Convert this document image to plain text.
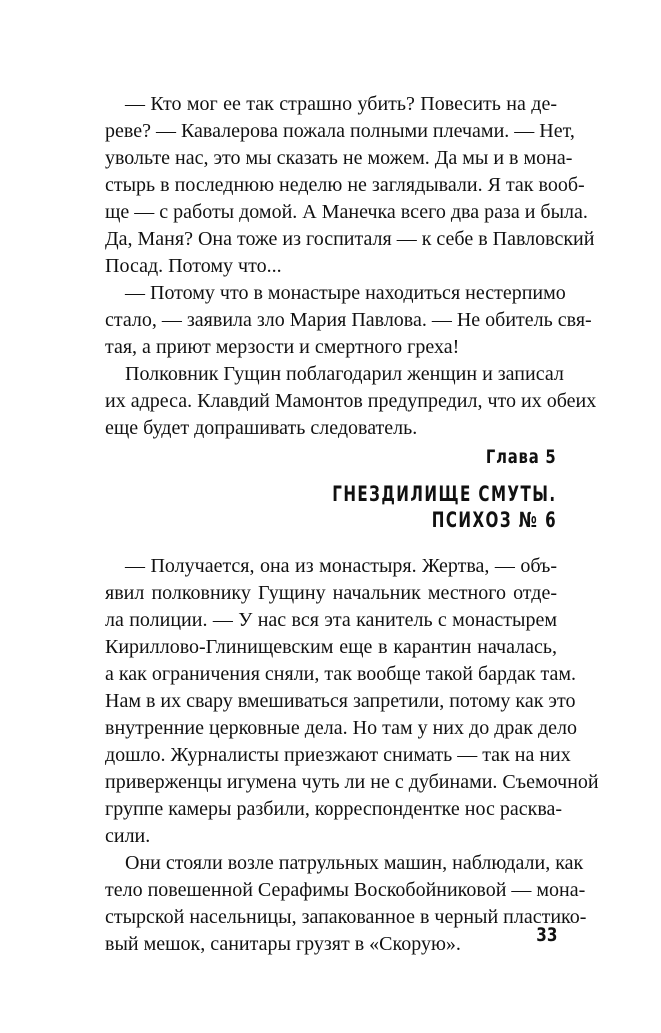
— Кто мог ее так страшно убить? Повесить на де-
реве? — Кавалерова пожала полными плечами. — Нет,
увольте нас, это мы сказать не можем. Да мы и в мона-
стырь в последнюю неделю не заглядывали. Я так вооб-
ще — с работы домой. А Манечка всего два раза и была.
Да, Маня? Она тоже из госпиталя — к себе в Павловский
Посад. Потому что...
— Потому что в монастыре находиться нестерпимо
стало, — заявила зло Мария Павлова. — Не обитель свя-
тая, а приют мерзости и смертного греха!
Полковник Гущин поблагодарил женщин и записал
их адреса. Клавдий Мамонтов предупредил, что их обеих
еще будет допрашивать следователь.
Глава 5
ГНЕЗДИЛИЩЕ СМУТЫ.
ПСИХОЗ № 6
— Получается, она из монастыря. Жертва, — объ-
явил полковнику Гущину начальник местного отде-
ла полиции. — У нас вся эта канитель с монастырем
Кириллово-Глинищевским еще в карантин началась,
а как ограничения сняли, так вообще такой бардак там.
Нам в их свару вмешиваться запретили, потому как это
внутренние церковные дела. Но там у них до драк дело
дошло. Журналисты приезжают снимать — так на них
приверженцы игумена чуть ли не с дубинами. Съемочной
группе камеры разбили, корреспондентке нос расква-
сили.
Они стояли возле патрульных машин, наблюдали, как
тело повешенной Серафимы Воскобойниковой — мона-
стырской насельницы, запакованное в черный пластико-
вый мешок, санитары грузят в «Скорую».	33
